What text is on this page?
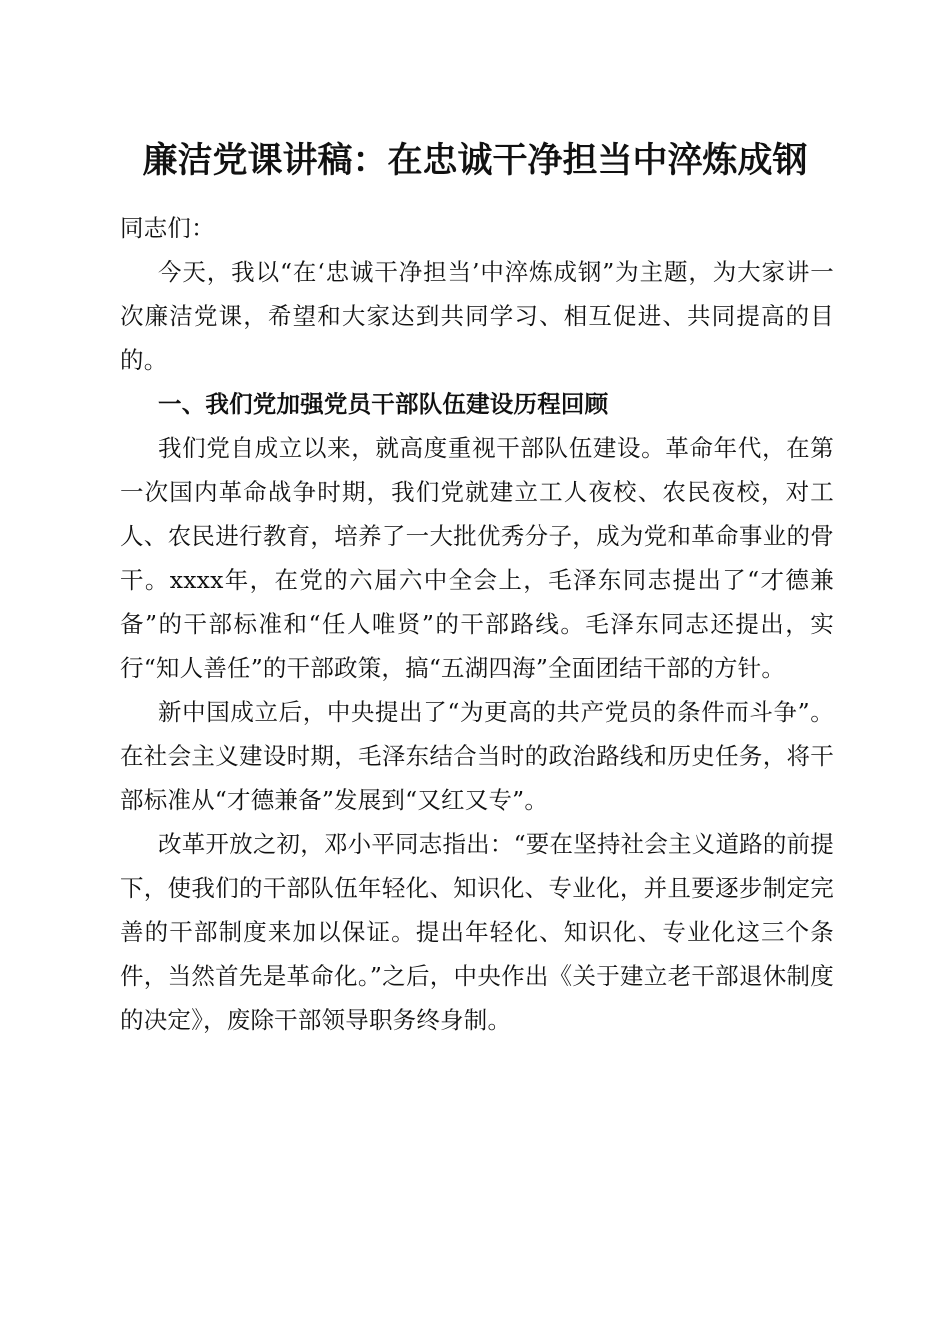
廉洁党课讲稿：在忠诚干净担当中淬炼成钢

同志们：

今天，我以“在‘忠诚干净担当’中淬炼成钢”为主题，为大家讲一次廉洁党课，希望和大家达到共同学习、相互促进、共同提高的目的。

一、我们党加强党员干部队伍建设历程回顾

我们党自成立以来，就高度重视干部队伍建设。革命年代，在第一次国内革命战争时期，我们党就建立工人夜校、农民夜校，对工人、农民进行教育，培养了一大批优秀分子，成为党和革命事业的骨干。xxxx年，在党的六届六中全会上，毛泽东同志提出了“才德兼备”的干部标准和“任人唯贤”的干部路线。毛泽东同志还提出，实行“知人善任”的干部政策，搞“五湖四海”全面团结干部的方针。

新中国成立后，中央提出了“为更高的共产党员的条件而斗争”。在社会主义建设时期，毛泽东结合当时的政治路线和历史任务，将干部标准从“才德兼备”发展到“又红又专”。

改革开放之初，邓小平同志指出：“要在坚持社会主义道路的前提下，使我们的干部队伍年轻化、知识化、专业化，并且要逐步制定完善的干部制度来加以保证。提出年轻化、知识化、专业化这三个条件，当然首先是革命化。”之后，中央作出《关于建立老干部退休制度的决定》，废除干部领导职务终身制。
